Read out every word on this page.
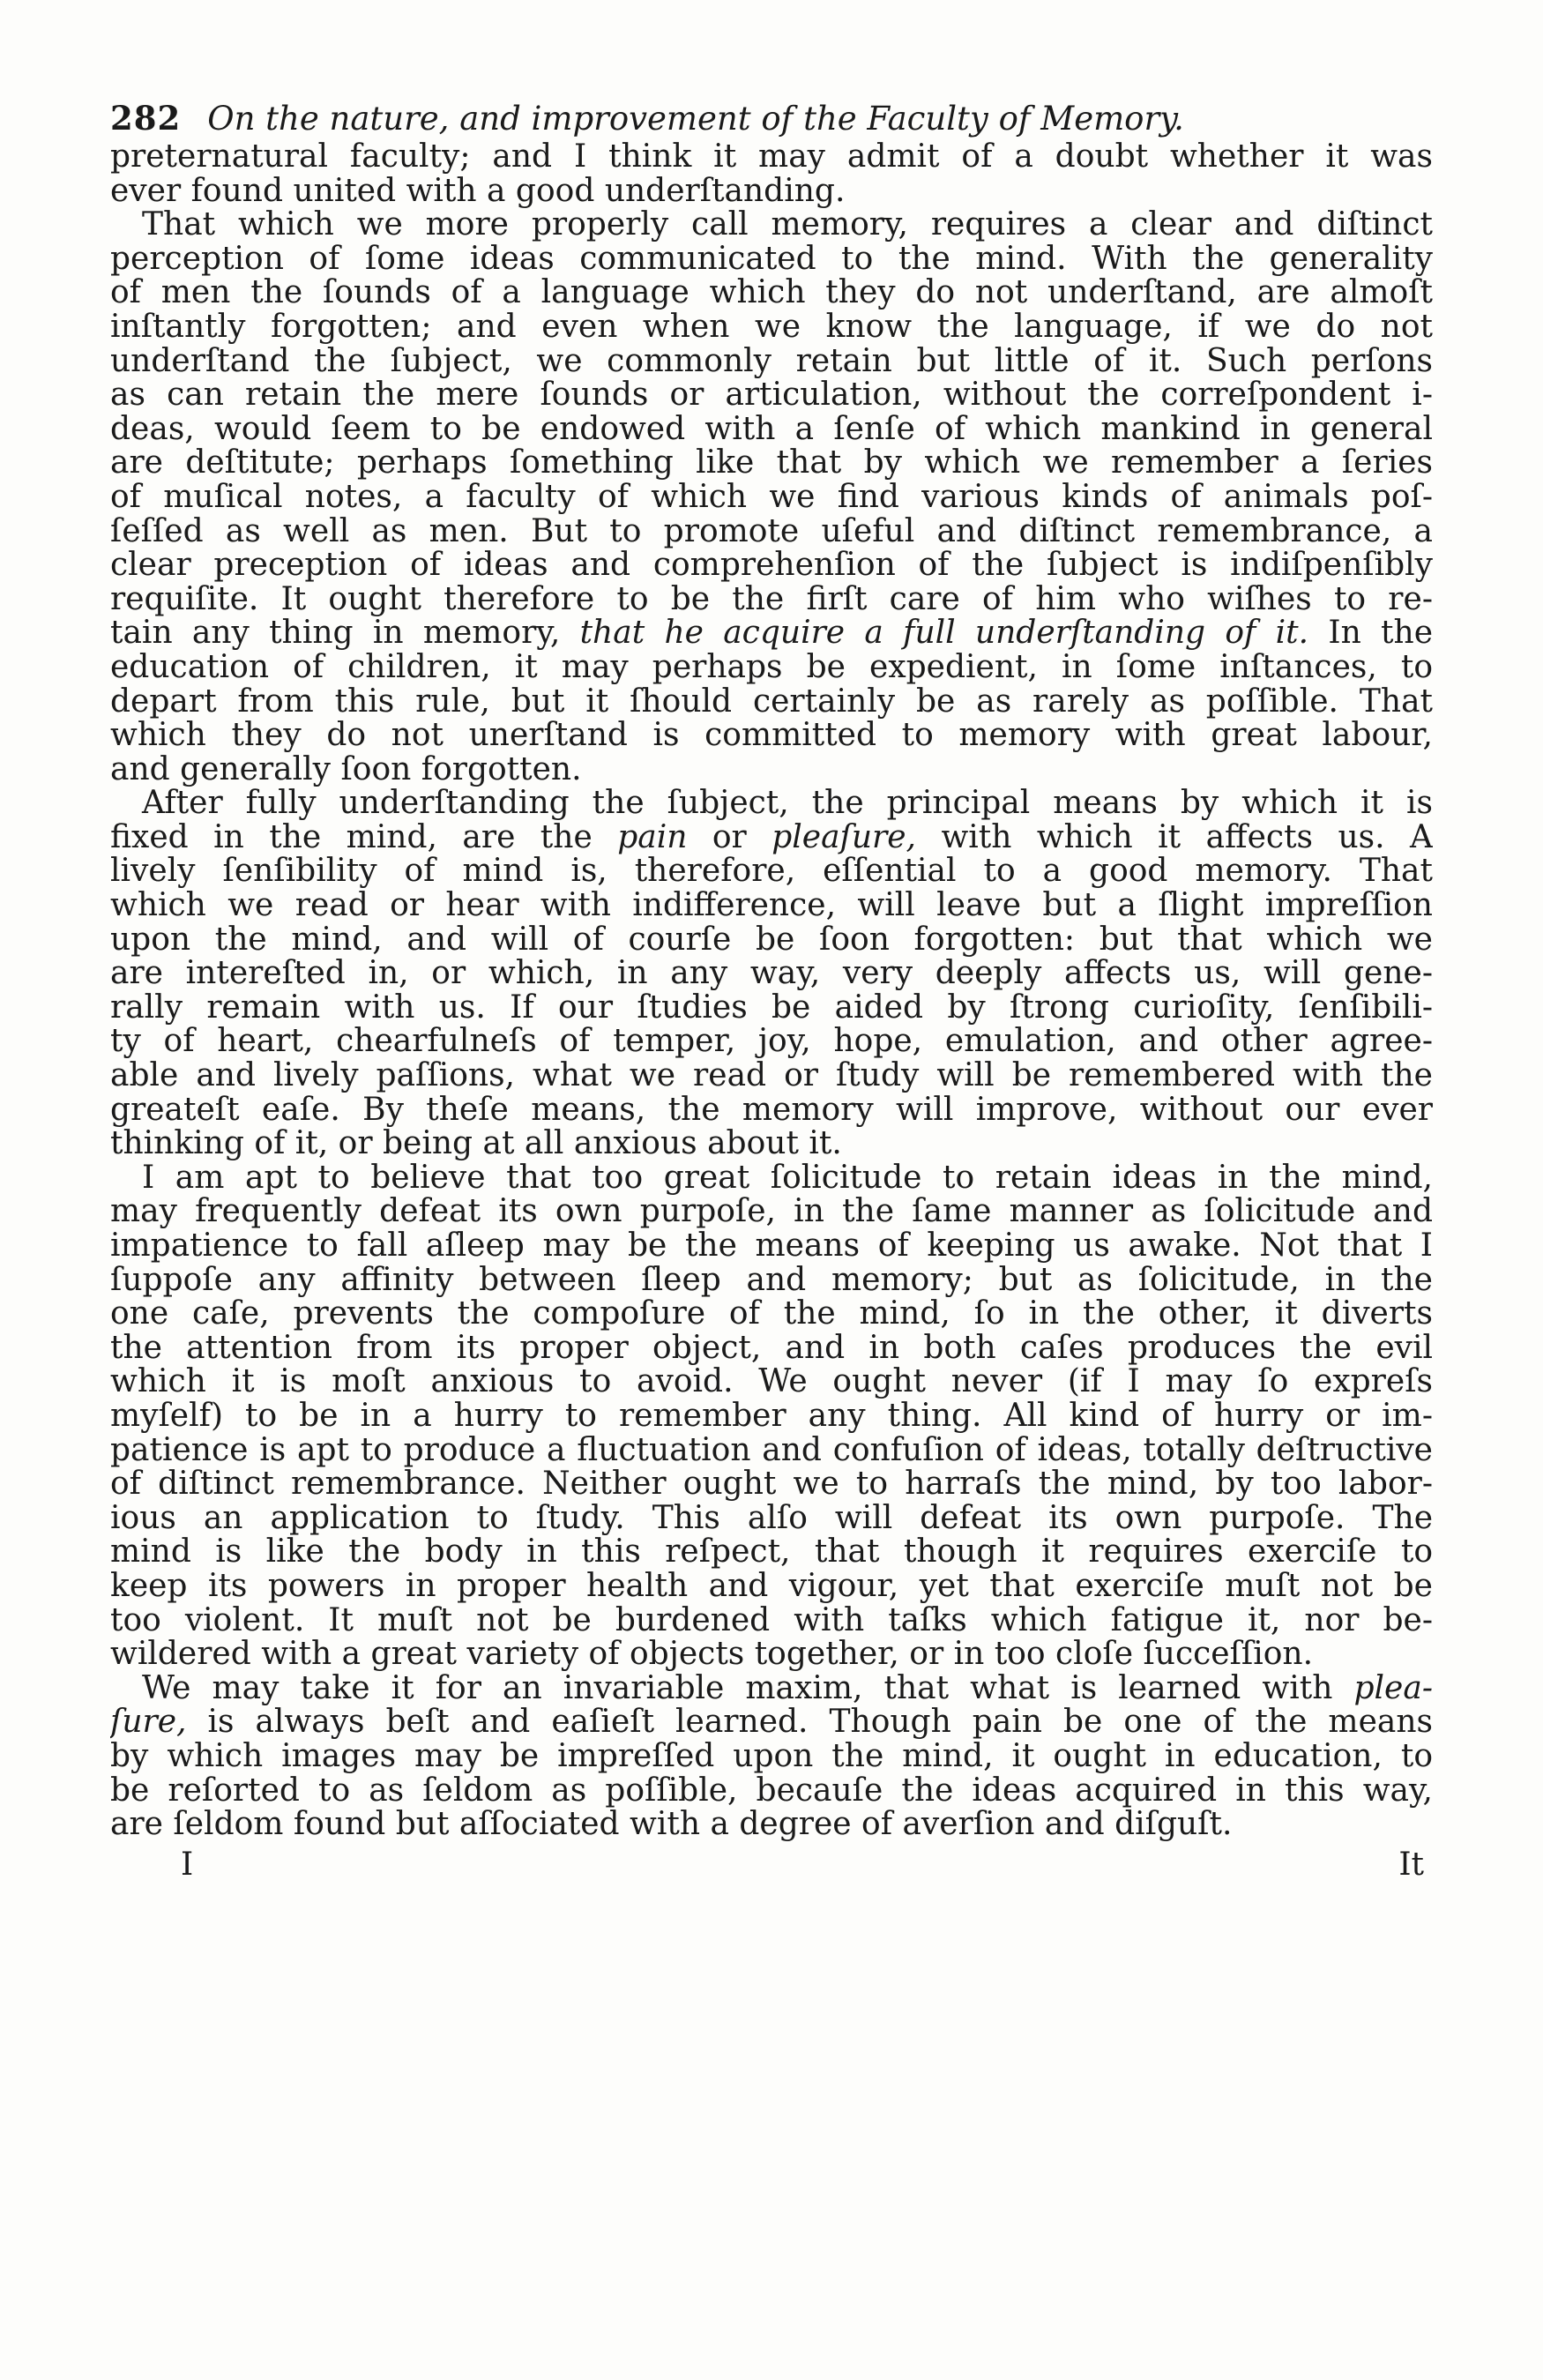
282 On the nature, and improvement of the Faculty of Memory.

preternatural faculty; and I think it may admit of a doubt whether it was
ever found united with a good underſtanding.

That which we more properly call memory, requires a clear and diſtinct
perception of ſome ideas communicated to the mind. With the generality
of men the ſounds of a language which they do not underſtand, are almoſt
inſtantly forgotten; and even when we know the language, if we do not
underſtand the ſubject, we commonly retain but little of it. Such perſons
as can retain the mere ſounds or articulation, without the correſpondent i-
deas, would ſeem to be endowed with a ſenſe of which mankind in general
are deſtitute; perhaps ſomething like that by which we remember a ſeries
of muſical notes, a faculty of which we find various kinds of animals poſ-
ſeſſed as well as men. But to promote uſeful and diſtinct remembrance, a
clear preception of ideas and comprehenſion of the ſubject is indiſpenſibly
requiſite. It ought therefore to be the firſt care of him who wiſhes to re-
tain any thing in memory, that he acquire a full underſtanding of it. In the
education of children, it may perhaps be expedient, in ſome inſtances, to
depart from this rule, but it ſhould certainly be as rarely as poſſible. That
which they do not unerſtand is committed to memory with great labour,
and generally ſoon forgotten.

After fully underſtanding the ſubject, the principal means by which it is
fixed in the mind, are the pain or pleaſure, with which it affects us. A
lively ſenſibility of mind is, therefore, eſſential to a good memory. That
which we read or hear with indifference, will leave but a ſlight impreſſion
upon the mind, and will of courſe be ſoon forgotten: but that which we
are intereſted in, or which, in any way, very deeply affects us, will gene-
rally remain with us. If our ſtudies be aided by ſtrong curioſity, ſenſibili-
ty of heart, chearfulneſs of temper, joy, hope, emulation, and other agree-
able and lively paſſions, what we read or ſtudy will be remembered with the
greateſt eaſe. By theſe means, the memory will improve, without our ever
thinking of it, or being at all anxious about it.

I am apt to believe that too great ſolicitude to retain ideas in the mind,
may frequently defeat its own purpoſe, in the ſame manner as ſolicitude and
impatience to fall aſleep may be the means of keeping us awake. Not that I
ſuppoſe any affinity between ſleep and memory; but as ſolicitude, in the
one caſe, prevents the compoſure of the mind, ſo in the other, it diverts
the attention from its proper object, and in both caſes produces the evil
which it is moſt anxious to avoid. We ought never (if I may ſo expreſs
myſelf) to be in a hurry to remember any thing. All kind of hurry or im-
patience is apt to produce a fluctuation and confuſion of ideas, totally deſtructive
of diſtinct remembrance. Neither ought we to harraſs the mind, by too labor-
ious an application to ſtudy. This alſo will defeat its own purpoſe. The
mind is like the body in this reſpect, that though it requires exerciſe to
keep its powers in proper health and vigour, yet that exerciſe muſt not be
too violent. It muſt not be burdened with taſks which fatigue it, nor be-
wildered with a great variety of objects together, or in too cloſe ſucceſſion.

We may take it for an invariable maxim, that what is learned with plea-
ſure, is always beſt and eaſieſt learned. Though pain be one of the means
by which images may be impreſſed upon the mind, it ought in education, to
be reſorted to as ſeldom as poſſible, becauſe the ideas acquired in this way,
are ſeldom found but aſſociated with a degree of averſion and diſguſt.

I	It
